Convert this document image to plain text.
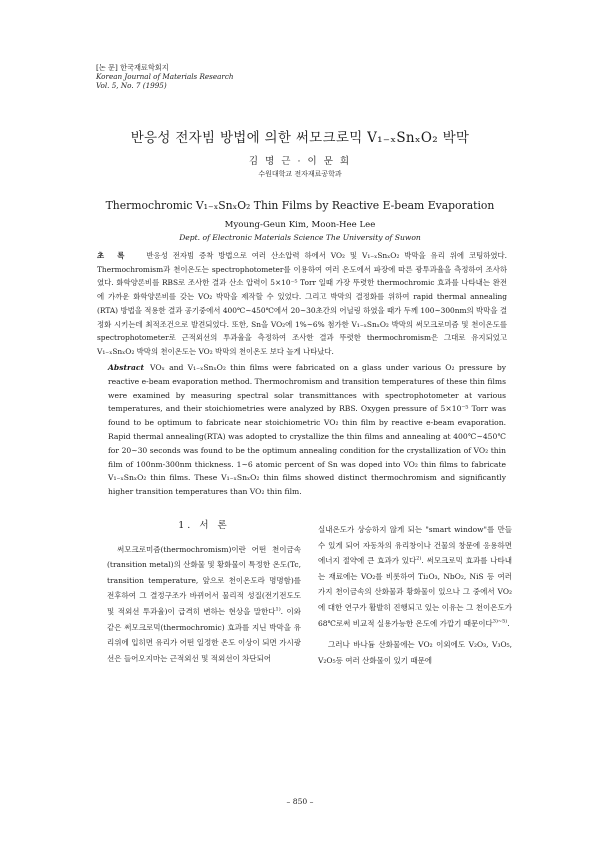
[논 문] 한국재료학회지
Korean Journal of Materials Research
Vol. 5, No. 7 (1995)
반응성 전자빔 방법에 의한 써모크로믹 V₁₋ₓSnₓO₂ 박막
김 명 근 · 이 문 희
수원대학교 전자재료공학과
Thermochromic V₁₋ₓSnₓO₂ Thin Films by Reactive E-beam Evaporation
Myoung-Geun Kim, Moon-Hee Lee
Dept. of Electronic Materials Science The University of Suwon
초 록 반응성 전자빔 증착 방법으로 여러 산소압력 하에서 VO₂ 및 V₁₋ₓSnₓO₂ 박막을 유리 위에 코팅하였다. Thermochromism과 천이온도는 spectrophotometer를 이용하여 여러 온도에서 파장에 따른 광투과율을 측정하여 조사하였다. 화학양론비를 RBS로 조사한 결과 산소 압력이 5×10⁻⁵ Torr 일때 가장 뚜렷한 thermochromic 효과를 나타내는 완전에 가까운 화학양론비를 갖는 VO₂ 박막을 제작할 수 있었다. 그리고 박막의 결정화를 위하여 rapid thermal annealing (RTA) 방법을 적용한 결과 공기중에서 400℃~450℃에서 20~30초간의 어닐링 하였을 때가 두께 100~300nm의 박막을 결정화 시키는데 최적조건으로 발견되었다. 또한, Sn을 VO₂에 1%~6% 첨가한 V₁₋ₓSnₓO₂ 박막의 써모크로미즘 및 천이온도를 spectrophotometer로 근적외선의 투과율을 측정하여 조사한 결과 뚜렷한 thermochromism은 그대로 유지되었고 V₁₋ₓSnₓO₂ 박막의 천이온도는 VO₂ 박막의 천이온도 보다 높게 나타났다.
Abstract VOₓ and V₁₋ₓSnₓO₂ thin films were fabricated on a glass under various O₂ pressure by reactive e-beam evaporation method. Thermochromism and transition temperatures of these thin films were examined by measuring spectral solar transmittances with spectrophotometer at various temperatures, and their stoichiometries were analyzed by RBS. Oxygen pressure of 5×10⁻⁵ Torr was found to be optimum to fabricate near stoichiometric VO₂ thin film by reactive e-beam evaporation. Rapid thermal annealing(RTA) was adopted to crystallize the thin films and annealing at 400℃~450℃ for 20~30 seconds was found to be the optimum annealing condition for the crystallization of VO₂ thin film of 100nm-300nm thickness. 1~6 atomic percent of Sn was doped into VO₂ thin films to fabricate V₁₋ₓSnₓO₂ thin films. These V₁₋ₓSnₓO₂ thin films showed distinct thermochromism and significantly higher transition temperatures than VO₂ thin film.
1. 서 론

써모크로미즘(thermochromism)이란 어떤 천이금속(transition metal)의 산화물 및 황화물이 특정한 온도(Tc, transition temperature, 앞으로 천이온도라 명명함)를 전후하여 그 결정구조가 바뀌어서 물리적 성질(전기전도도 및 적외선 투과율)이 급격히 변하는 현상을 말한다$^{1)}$. 이와 같은 써모크로믹(thermochromic) 효과를 지닌 박막을 유리위에 입히면 유리가 어떤 일정한 온도 이상이 되면 가시광선은 들어오지마는 근적외선 및 적외선이 차단되어

실내온도가 상승하지 않게 되는 "smart window"를 만들 수 있게 되어 자동차의 유리창이나 건물의 창문에 응용하면 에너지 절약에 큰 효과가 있다$^{2)}$. 써모크로믹 효과를 나타내는 재료에는 VO₂를 비롯하여 Ti₂O₃, NbO₂, NiS 등 여러 가지 천이금속의 산화물과 황화물이 있으나 그 중에서 VO₂에 대한 연구가 활발히 진행되고 있는 이유는 그 천이온도가 68℃로써 비교적 실용가능한 온도에 가깝기 때문이다$^{3)\sim 5)}$.

그러나 바나듐 산화물에는 VO₂ 이외에도 V₂O₃, V₃O₅, V₂O₅등 여러 산화물이 있기 때문에

– 850 –
